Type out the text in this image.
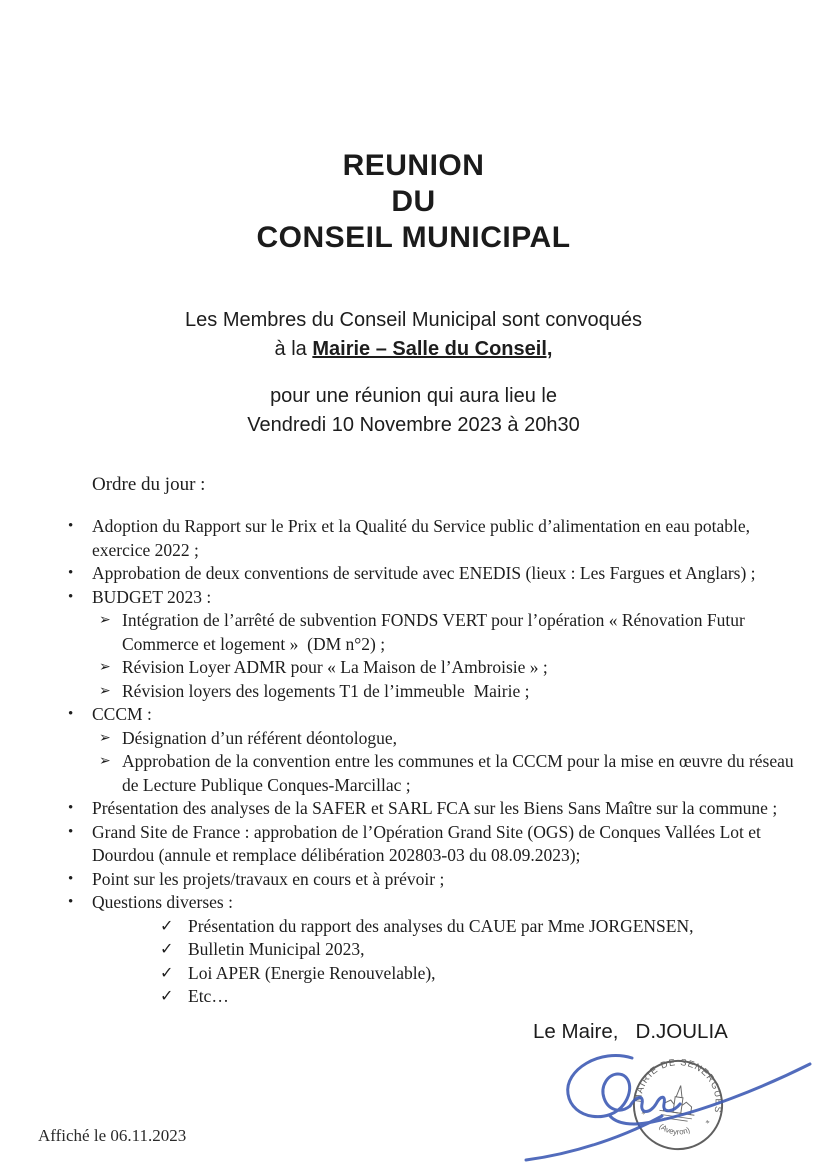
REUNION
DU
CONSEIL MUNICIPAL
Les Membres du Conseil Municipal sont convoqués
à la Mairie – Salle du Conseil,
pour une réunion qui aura lieu le
Vendredi 10 Novembre 2023 à 20h30
Ordre du jour :
• Adoption du Rapport sur le Prix et la Qualité du Service public d’alimentation en eau potable, exercice 2022 ;
• Approbation de deux conventions de servitude avec ENEDIS (lieux : Les Fargues et Anglars) ;
• BUDGET 2023 :
➢ Intégration de l’arrêté de subvention FONDS VERT pour l’opération « Rénovation Futur Commerce et logement »  (DM n°2) ;
➢ Révision Loyer ADMR pour « La Maison de l’Ambroisie » ;
➢ Révision loyers des logements T1 de l’immeuble  Mairie ;
• CCCM :
➢ Désignation d’un référent déontologue,
➢ Approbation de la convention entre les communes et la CCCM pour la mise en œuvre du réseau de Lecture Publique Conques-Marcillac ;
• Présentation des analyses de la SAFER et SARL FCA sur les Biens Sans Maître sur la commune ;
• Grand Site de France : approbation de l’Opération Grand Site (OGS) de Conques Vallées Lot et Dourdou (annule et remplace délibération 202803-03 du 08.09.2023);
• Point sur les projets/travaux en cours et à prévoir ;
• Questions diverses :
✓ Présentation du rapport des analyses du CAUE par Mme JORGENSEN,
✓ Bulletin Municipal 2023,
✓ Loi APER (Energie Renouvelable),
✓ Etc…
Le Maire,   D.JOULIA
MAIRIE DE SENERGUES
(Aveyron)
*
*
Affiché le 06.11.2023
